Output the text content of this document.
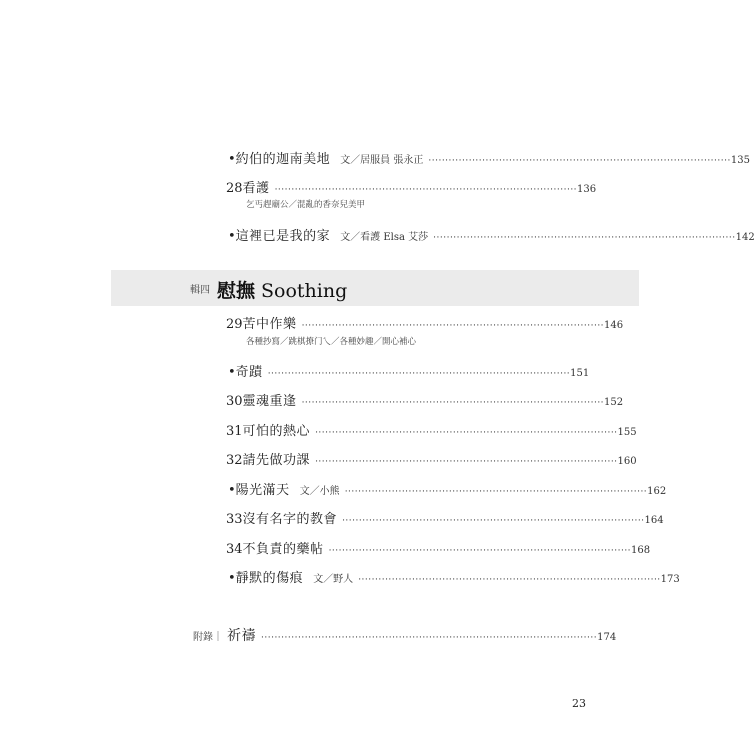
• 約伯的迦南美地 文／居服員 張永正 ·························································································· 135
28 看護 ·························································································· 136
乞丐趕廟公／混亂的香奈兒美甲
• 這裡已是我的家 文／看護 Elsa 艾莎 ·························································································· 142
輯四 慰撫 Soothing
29 苦中作樂 ·························································································· 146
各種抄寫／跳棋撩门乀／各種妙趣／開心補心
• 奇蹟 ·························································································· 151
30 靈魂重逢 ·························································································· 152
31 可怕的熱心 ·························································································· 155
32 請先做功課 ·························································································· 160
• 陽光滿天 文／小熊 ·························································································· 162
33 沒有名字的教會 ·························································································· 164
34 不負責的藥帖 ·························································································· 168
• 靜默的傷痕 文／野人 ·························································································· 173
附錄｜ 祈禱 ···································································································· 174
23
